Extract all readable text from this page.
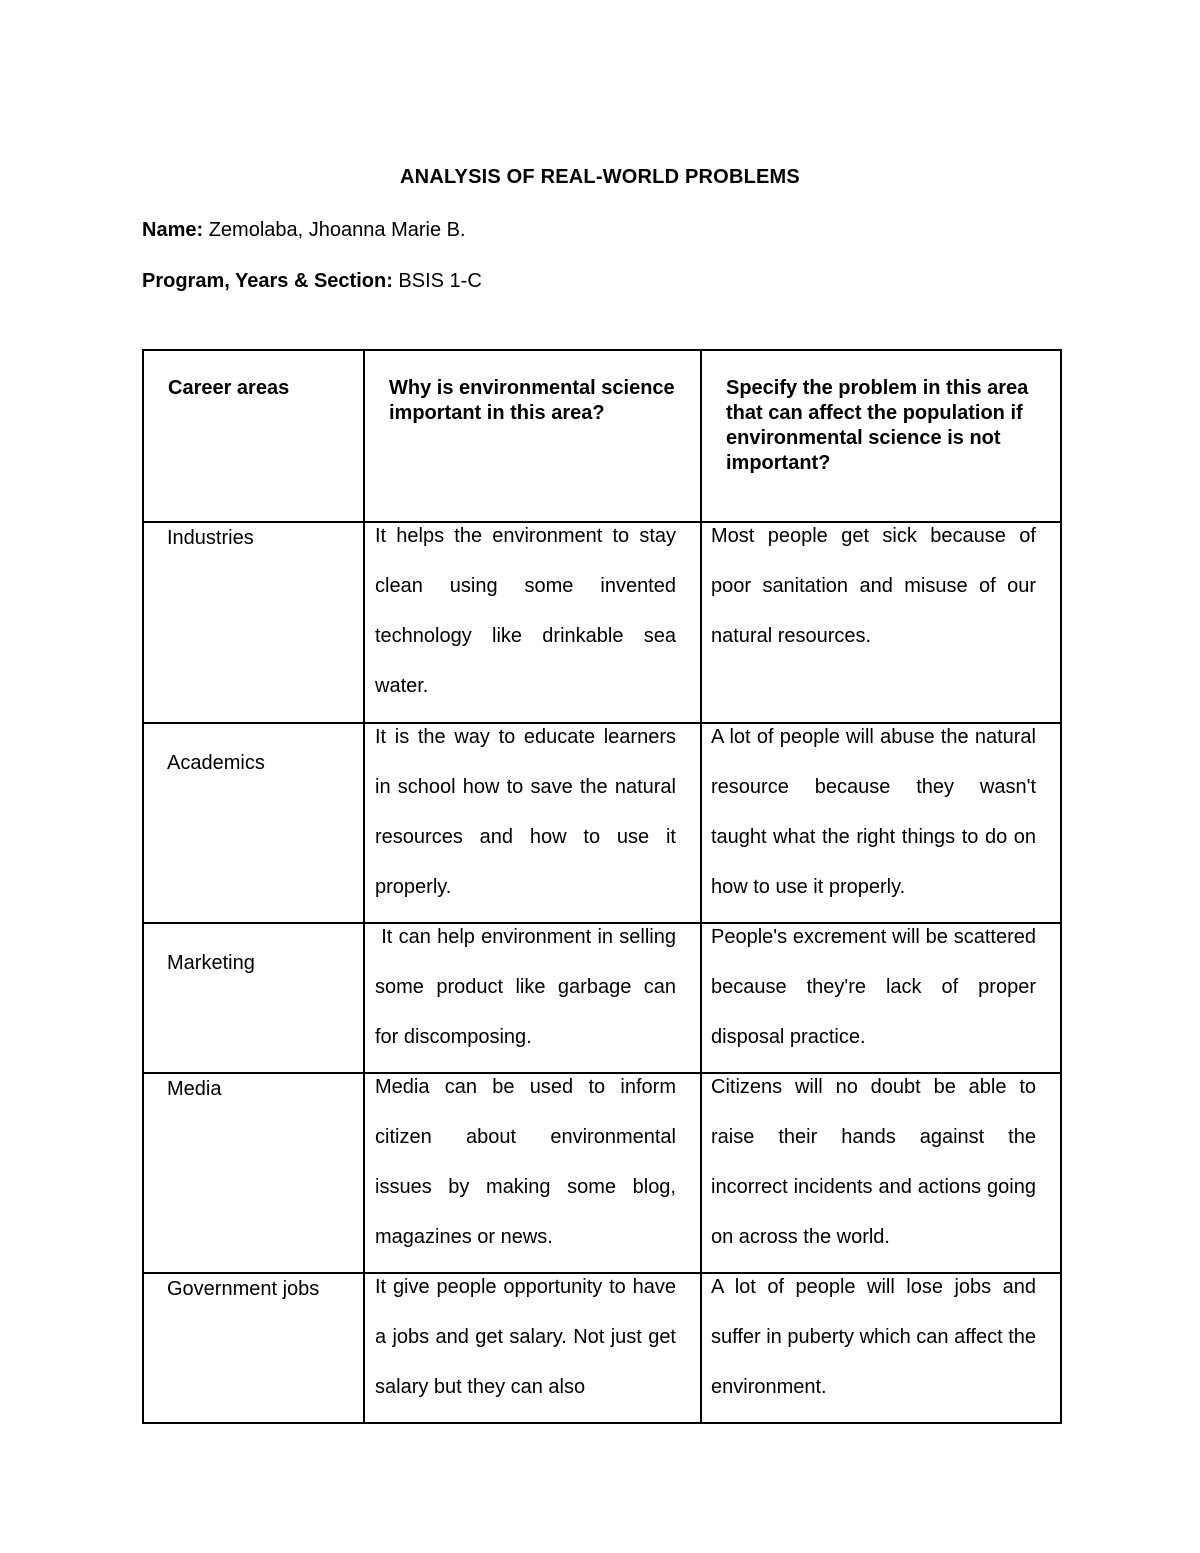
ANALYSIS OF REAL-WORLD PROBLEMS
Name: Zemolaba, Jhoanna Marie B.
Program, Years & Section: BSIS 1-C
Career areas	Why is environmental science important in this area?	Specify the problem in this area that can affect the population if environmental science is not important?

Industries	It helps the environment to stay clean using some invented technology like drinkable sea water.	Most people get sick because of poor sanitation and misuse of our natural resources.

Academics	It is the way to educate learners in school how to save the natural resources and how to use it properly.	A lot of people will abuse the natural resource because they wasn't taught what the right things to do on how to use it properly.

Marketing	It can help environment in selling some product like garbage can for discomposing.	People's excrement will be scattered because they're lack of proper disposal practice.

Media	Media can be used to inform citizen about environmental issues by making some blog, magazines or news.	Citizens will no doubt be able to raise their hands against the incorrect incidents and actions going on across the world.

Government jobs	It give people opportunity to have a jobs and get salary. Not just get salary but they can also	A lot of people will lose jobs and suffer in puberty which can affect the environment.
